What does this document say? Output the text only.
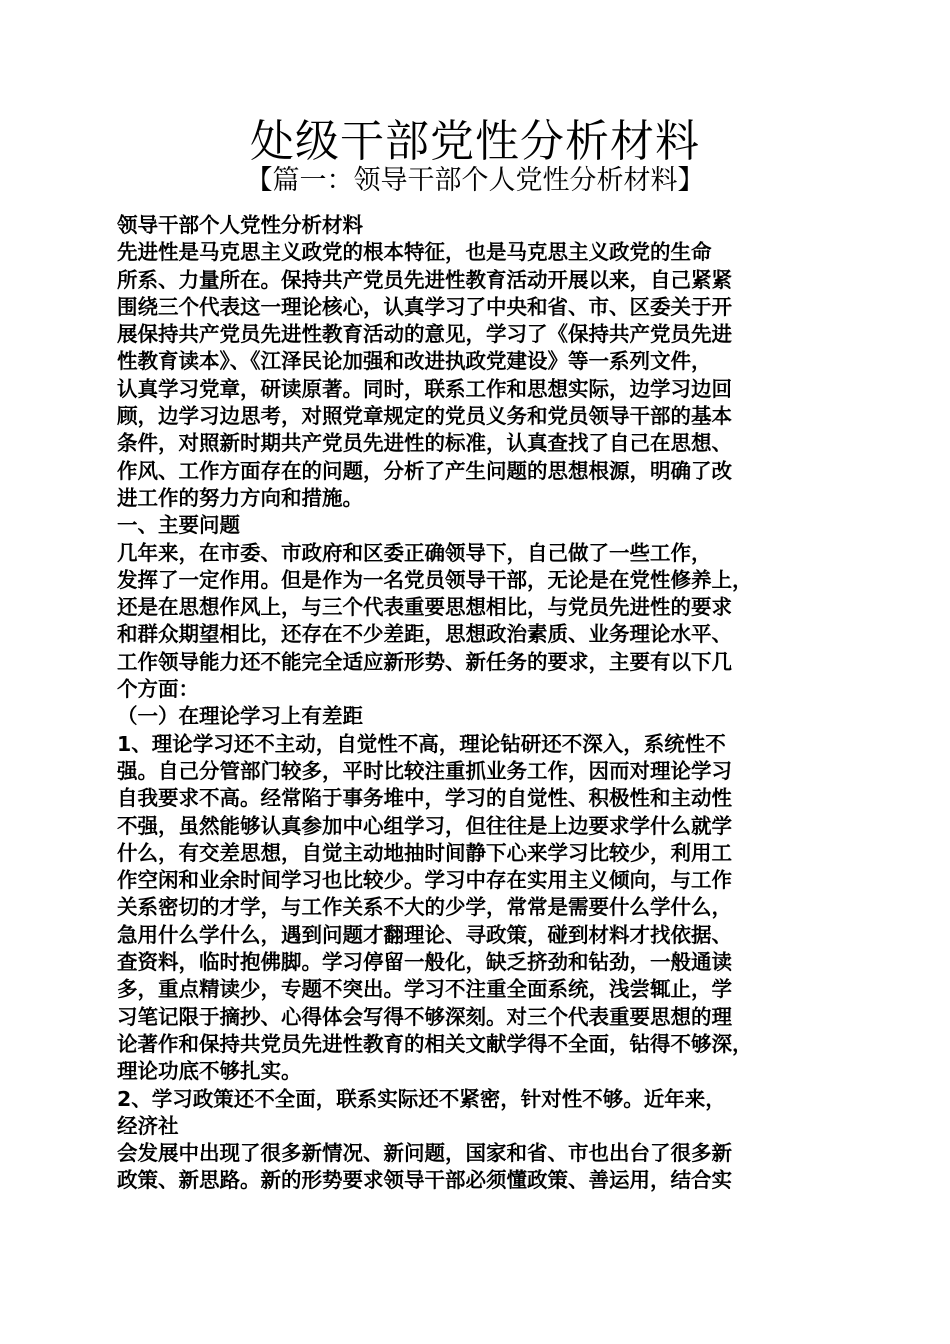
处级干部党性分析材料
【篇一：领导干部个人党性分析材料】
领导干部个人党性分析材料
先进性是马克思主义政党的根本特征，也是马克思主义政党的生命
所系、力量所在。保持共产党员先进性教育活动开展以来，自己紧紧
围绕三个代表这一理论核心，认真学习了中央和省、市、区委关于开
展保持共产党员先进性教育活动的意见，学习了《保持共产党员先进
性教育读本》、《江泽民论加强和改进执政党建设》等一系列文件，
认真学习党章，研读原著。同时，联系工作和思想实际，边学习边回
顾，边学习边思考，对照党章规定的党员义务和党员领导干部的基本
条件，对照新时期共产党员先进性的标准，认真查找了自己在思想、
作风、工作方面存在的问题，分析了产生问题的思想根源，明确了改
进工作的努力方向和措施。
一、主要问题
几年来，在市委、市政府和区委正确领导下，自己做了一些工作，
发挥了一定作用。但是作为一名党员领导干部，无论是在党性修养上，
还是在思想作风上，与三个代表重要思想相比，与党员先进性的要求
和群众期望相比，还存在不少差距，思想政治素质、业务理论水平、
工作领导能力还不能完全适应新形势、新任务的要求，主要有以下几
个方面：
（一）在理论学习上有差距
1、理论学习还不主动，自觉性不高，理论钻研还不深入，系统性不
强。自己分管部门较多，平时比较注重抓业务工作，因而对理论学习
自我要求不高。经常陷于事务堆中，学习的自觉性、积极性和主动性
不强，虽然能够认真参加中心组学习，但往往是上边要求学什么就学
什么，有交差思想，自觉主动地抽时间静下心来学习比较少，利用工
作空闲和业余时间学习也比较少。学习中存在实用主义倾向，与工作
关系密切的才学，与工作关系不大的少学，常常是需要什么学什么，
急用什么学什么，遇到问题才翻理论、寻政策，碰到材料才找依据、
查资料，临时抱佛脚。学习停留一般化，缺乏挤劲和钻劲，一般通读
多，重点精读少，专题不突出。学习不注重全面系统，浅尝辄止，学
习笔记限于摘抄、心得体会写得不够深刻。对三个代表重要思想的理
论著作和保持共党员先进性教育的相关文献学得不全面，钻得不够深，
理论功底不够扎实。
2、学习政策还不全面，联系实际还不紧密，针对性不够。近年来，
经济社
会发展中出现了很多新情况、新问题，国家和省、市也出台了很多新
政策、新思路。新的形势要求领导干部必须懂政策、善运用，结合实
